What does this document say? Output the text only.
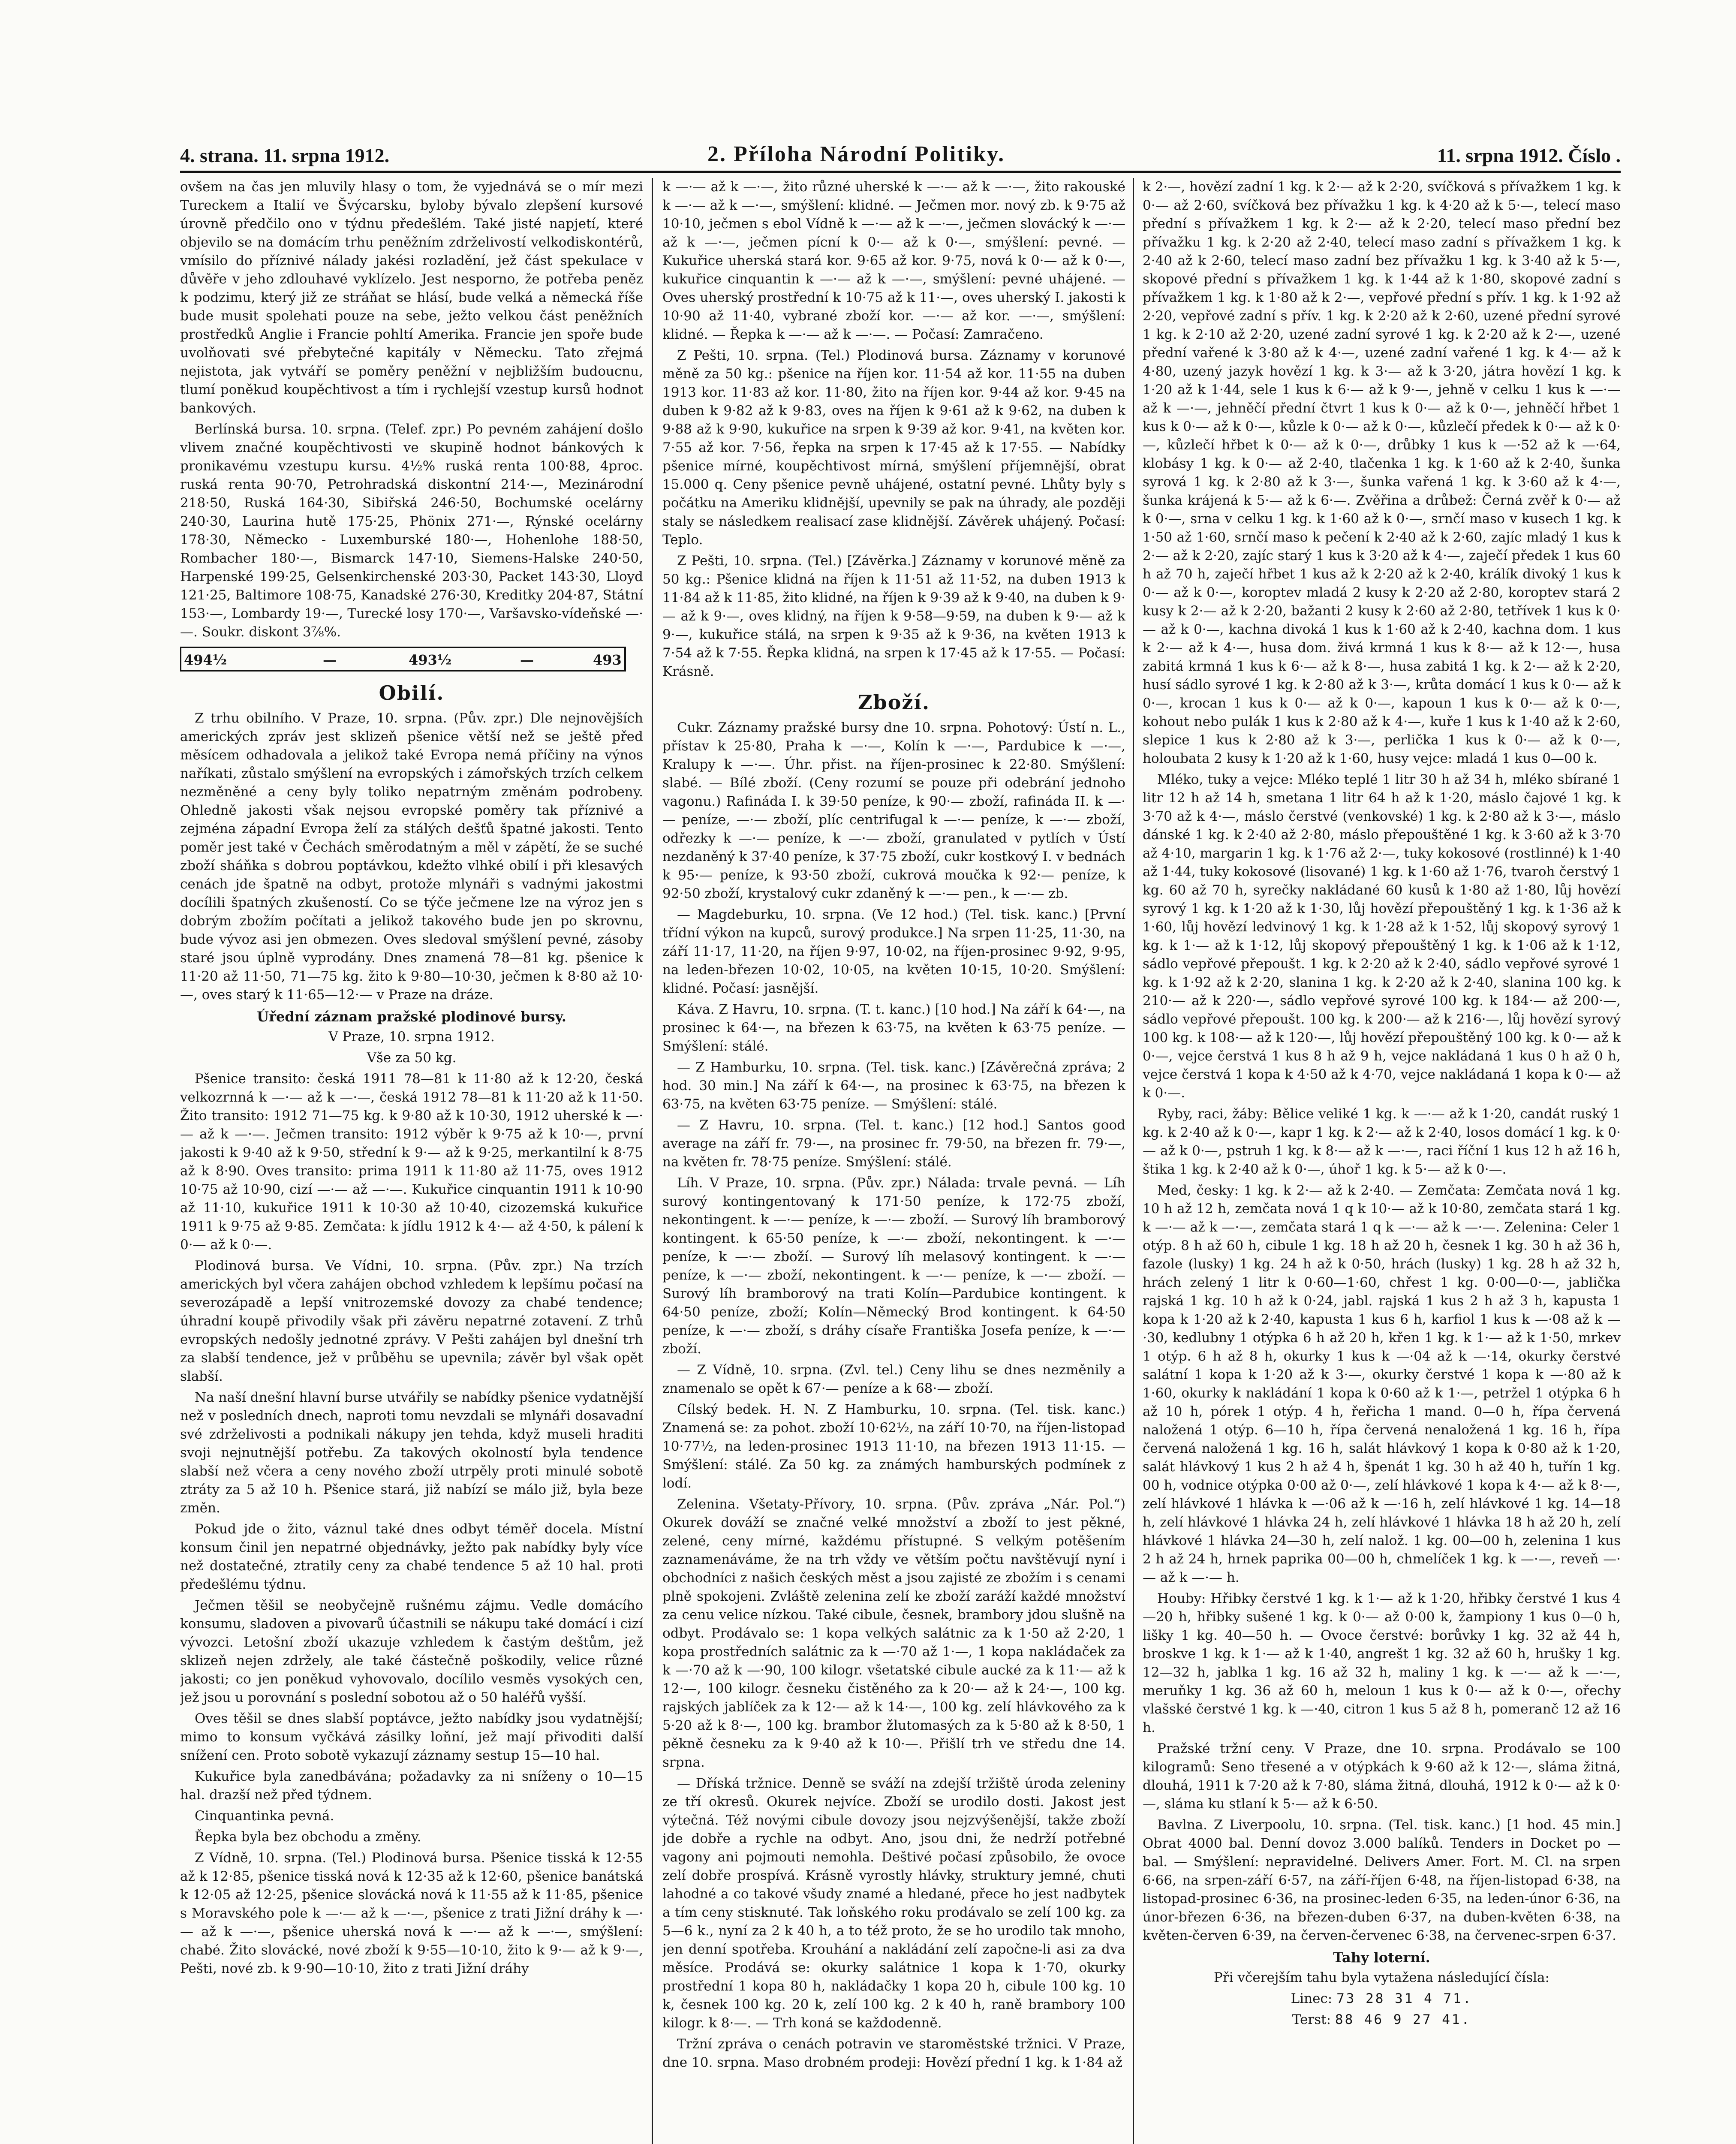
4. strana. 11. srpna 1912.	2. Příloha Národní Politiky.	11. srpna 1912. Číslo .

ovšem na čas jen mluvily hlasy o tom, že vyjednává se o mír mezi Tureckem a Italií ve Švýcarsku, byloby bývalo zlepšení kursové úrovně předčilo ono v týdnu předešlém. Také jisté napjetí, které objevilo se na domácím trhu peněžním zdrželivostí velkodiskontérů, vmísilo do příznivé nálady jakési rozladění, jež část spekulace v důvěře v jeho zdlouhavé vyklízelo. Jest nesporno, že potřeba peněz k podzimu, který již ze stráňat se hlásí, bude velká a německá říše bude musit spolehati pouze na sebe, ježto velkou část peněžních prostředků Anglie i Francie pohltí Amerika. Francie jen spoře bude uvolňovati své přebytečné kapitály v Německu. Tato zřejmá nejistota, jak vytváří se poměry peněžní v nejbližším budoucnu, tlumí poněkud koupěchtivost a tím i rychlejší vzestup kursů hodnot bankových.

Berlínská bursa. 10. srpna. (Telef. zpr.) Po pevném zahájení došlo vlivem značné koupěchtivosti ve skupině hodnot bánkových k pronikavému vzestupu kursu. 4½% ruská renta 100·88, 4proc. ruská renta 90·70, Petrohradská diskontní 214·—, Mezinárodní 218·50, Ruská 164·30, Sibiřská 246·50, Bochumské ocelárny 240·30, Laurina hutě 175·25, Phönix 271·—, Rýnské ocelárny 178·30, Německo - Luxemburské 180·—, Hohenlohe 188·50, Rombacher 180·—, Bismarck 147·10, Siemens-Halske 240·50, Harpenské 199·25, Gelsenkirchenské 203·30, Packet 143·30, Lloyd 121·25, Baltimore 108·75, Kanadské 276·30, Kreditky 204·87, Státní 153·—, Lombardy 19·—, Turecké losy 170·—, Varšavsko-vídeňské —·—. Soukr. diskont 3⅞%.

494½	—	493½	—	493
Obilí.

Z trhu obilního. V Praze, 10. srpna. (Pův. zpr.) Dle nejnovějších amerických zpráv jest sklizeň pšenice větší než se ještě před měsícem odhadovala a jelikož také Evropa nemá příčiny na výnos naříkati, zůstalo smýšlení na evropských i zámořských trzích celkem nezměněné a ceny byly toliko nepatrným změnám podrobeny. Ohledně jakosti však nejsou evropské poměry tak příznivé a zejména západní Evropa želí za stálých dešťů špatné jakosti. Tento poměr jest také v Čechách směrodatným a měl v zápětí, že se suché zboží sháňka s dobrou poptávkou, kdežto vlhké obilí i při klesavých cenách jde špatně na odbyt, protože mlynáři s vadnými jakostmi docílili špatných zkušeností. Co se týče ječmene lze na výroz jen s dobrým zbožím počítati a jelikož takového bude jen po skrovnu, bude vývoz asi jen obmezen. Oves sledoval smýšlení pevné, zásoby staré jsou úplně vyprodány. Dnes znamená 78—81 kg. pšenice k 11·20 až 11·50, 71—75 kg. žito k 9·80—10·30, ječmen k 8·80 až 10·—, oves starý k 11·65—12·— v Praze na dráze.

Úřední záznam pražské plodinové bursy.

V Praze, 10. srpna 1912.

Vše za 50 kg.

Pšenice transito: česká 1911 78—81 k 11·80 až k 12·20, česká velkozrnná k —·— až k —·—, česká 1912 78—81 k 11·20 až k 11·50. Žito transito: 1912 71—75 kg. k 9·80 až k 10·30, 1912 uherské k —·— až k —·—. Ječmen transito: 1912 výběr k 9·75 až k 10·—, první jakosti k 9·40 až k 9·50, střední k 9·— až k 9·25, merkantilní k 8·75 až k 8·90. Oves transito: prima 1911 k 11·80 až 11·75, oves 1912 10·75 až 10·90, cizí —·— až —·—. Kukuřice cinquantin 1911 k 10·90 až 11·10, kukuřice 1911 k 10·30 až 10·40, cizozemská kukuřice 1911 k 9·75 až 9·85. Zemčata: k jídlu 1912 k 4·— až 4·50, k pálení k 0·— až k 0·—.

Plodinová bursa. Ve Vídni, 10. srpna. (Pův. zpr.) Na trzích amerických byl včera zahájen obchod vzhledem k lepšímu počasí na severozápadě a lepší vnitrozemské dovozy za chabé tendence; úhradní koupě přivodily však při závěru nepatrné zotavení. Z trhů evropských nedošly jednotné zprávy. V Pešti zahájen byl dnešní trh za slabší tendence, jež v průběhu se upevnila; závěr byl však opět slabší.

Na naší dnešní hlavní burse utvářily se nabídky pšenice vydatnější než v posledních dnech, naproti tomu nevzdali se mlynáři dosavadní své zdrželivosti a podnikali nákupy jen tehda, když museli hraditi svoji nejnutnější potřebu. Za takových okolností byla tendence slabší než včera a ceny nového zboží utrpěly proti minulé sobotě ztráty za 5 až 10 h. Pšenice stará, již nabízí se málo již, byla beze změn.

Pokud jde o žito, váznul také dnes odbyt téměř docela. Místní konsum činil jen nepatrné objednávky, ježto pak nabídky byly více než dostatečné, ztratily ceny za chabé tendence 5 až 10 hal. proti předešlému týdnu.

Ječmen těšil se neobyčejně rušnému zájmu. Vedle domácího konsumu, sladoven a pivovarů účastnili se nákupu také domácí i cizí vývozci. Letošní zboží ukazuje vzhledem k častým deštům, jež sklizeň nejen zdržely, ale také částečně poškodily, velice různé jakosti; co jen poněkud vyhovovalo, docílilo vesměs vysokých cen, jež jsou u porovnání s poslední sobotou až o 50 haléřů vyšší.

Oves těšil se dnes slabší poptávce, ježto nabídky jsou vydatnější; mimo to konsum vyčkává zásilky loňní, jež mají přivoditi další snížení cen. Proto sobotě vykazují záznamy sestup 15—10 hal.

Kukuřice byla zanedbávána; požadavky za ni sníženy o 10—15 hal. drazší než před týdnem.

Cinquantinka pevná.

Řepka byla bez obchodu a změny.

Z Vídně, 10. srpna. (Tel.) Plodinová bursa. Pšenice tisská k 12·55 až k 12·85, pšenice tisská nová k 12·35 až k 12·60, pšenice banátská k 12·05 až 12·25, pšenice slovácká nová k 11·55 až k 11·85, pšenice s Moravského pole k —·— až k —·—, pšenice z trati Jižní dráhy k —·— až k —·—, pšenice uherská nová k —·— až k —·—, smýšlení: chabé. Žito slovácké, nové zboží k 9·55—10·10, žito k 9·— až k 9·—, Pešti, nové zb. k 9·90—10·10, žito z trati Jižní dráhy

k —·— až k —·—, žito různé uherské k —·— až k —·—, žito rakouské k —·— až k —·—, smýšlení: klidné. — Ječmen mor. nový zb. k 9·75 až 10·10, ječmen s ebol Vídně k —·— až k —·—, ječmen slovácký k —·— až k —·—, ječmen pícní k 0·— až k 0·—, smýšlení: pevné. — Kukuřice uherská stará kor. 9·65 až kor. 9·75, nová k 0·— až k 0·—, kukuřice cinquantin k —·— až k —·—, smýšlení: pevné uhájené. — Oves uherský prostřední k 10·75 až k 11·—, oves uherský I. jakosti k 10·90 až 11·40, vybrané zboží kor. —·— až kor. —·—, smýšlení: klidné. — Řepka k —·— až k —·—. — Počasí: Zamračeno.

Z Pešti, 10. srpna. (Tel.) Plodinová bursa. Záznamy v korunové měně za 50 kg.: pšenice na říjen kor. 11·54 až kor. 11·55 na duben 1913 kor. 11·83 až kor. 11·80, žito na říjen kor. 9·44 až kor. 9·45 na duben k 9·82 až k 9·83, oves na říjen k 9·61 až k 9·62, na duben k 9·88 až k 9·90, kukuřice na srpen k 9·39 až kor. 9·41, na květen kor. 7·55 až kor. 7·56, řepka na srpen k 17·45 až k 17·55. — Nabídky pšenice mírné, koupěchtivost mírná, smýšlení příjemnější, obrat 15.000 q. Ceny pšenice pevně uhájené, ostatní pevné. Lhůty byly s počátku na Ameriku klidnější, upevnily se pak na úhrady, ale později staly se následkem realisací zase klidnější. Závěrek uhájený. Počasí: Teplo.

Z Pešti, 10. srpna. (Tel.) [Závěrka.] Záznamy v korunové měně za 50 kg.: Pšenice klidná na říjen k 11·51 až 11·52, na duben 1913 k 11·84 až k 11·85, žito klidné, na říjen k 9·39 až k 9·40, na duben k 9·— až k 9·—, oves klidný, na říjen k 9·58—9·59, na duben k 9·— až k 9·—, kukuřice stálá, na srpen k 9·35 až k 9·36, na květen 1913 k 7·54 až k 7·55. Řepka klidná, na srpen k 17·45 až k 17·55. — Počasí: Krásně.

Zboží.

Cukr. Záznamy pražské bursy dne 10. srpna. Pohotový: Ústí n. L., přístav k 25·80, Praha k —·—, Kolín k —·—, Pardubice k —·—, Kralupy k —·—. Úhr. přist. na říjen-prosinec k 22·80. Smýšlení: slabé. — Bílé zboží. (Ceny rozumí se pouze při odebrání jednoho vagonu.) Rafináda I. k 39·50 peníze, k 90·— zboží, rafináda II. k —·— peníze, —·— zboží, plíc centrifugal k —·— peníze, k —·— zboží, odřezky k —·— peníze, k —·— zboží, granulated v pytlích v Ústí nezdaněný k 37·40 peníze, k 37·75 zboží, cukr kostkový I. v bednách k 95·— peníze, k 93·50 zboží, cukrová moučka k 92·— peníze, k 92·50 zboží, krystalový cukr zdaněný k —·— pen., k —·— zb.

— Magdeburku, 10. srpna. (Ve 12 hod.) (Tel. tisk. kanc.) [První třídní výkon na kupců, surový produkce.] Na srpen 11·25, 11·30, na září 11·17, 11·20, na říjen 9·97, 10·02, na říjen-prosinec 9·92, 9·95, na leden-březen 10·02, 10·05, na květen 10·15, 10·20. Smýšlení: klidné. Počasí: jasnější.

Káva. Z Havru, 10. srpna. (T. t. kanc.) [10 hod.] Na září k 64·—, na prosinec k 64·—, na březen k 63·75, na květen k 63·75 peníze. — Smýšlení: stálé.

— Z Hamburku, 10. srpna. (Tel. tisk. kanc.) [Závěrečná zpráva; 2 hod. 30 min.] Na září k 64·—, na prosinec k 63·75, na březen k 63·75, na květen 63·75 peníze. — Smýšlení: stálé.

— Z Havru, 10. srpna. (Tel. t. kanc.) [12 hod.] Santos good average na září fr. 79·—, na prosinec fr. 79·50, na březen fr. 79·—, na květen fr. 78·75 peníze. Smýšlení: stálé.

Líh. V Praze, 10. srpna. (Pův. zpr.) Nálada: trvale pevná. — Líh surový kontingentovaný k 171·50 peníze, k 172·75 zboží, nekontingent. k —·— peníze, k —·— zboží. — Surový líh bramborový kontingent. k 65·50 peníze, k —·— zboží, nekontingent. k —·— peníze, k —·— zboží. — Surový líh melasový kontingent. k —·— peníze, k —·— zboží, nekontingent. k —·— peníze, k —·— zboží. — Surový líh bramborový na trati Kolín—Pardubice kontingent. k 64·50 peníze, zboží; Kolín—Německý Brod kontingent. k 64·50 peníze, k —·— zboží, s dráhy císaře Františka Josefa peníze, k —·— zboží.

— Z Vídně, 10. srpna. (Zvl. tel.) Ceny lihu se dnes nezměnily a znamenalo se opět k 67·— peníze a k 68·— zboží.

Cílský bedek. H. N. Z Hamburku, 10. srpna. (Tel. tisk. kanc.) Znamená se: za pohot. zboží 10·62½, na září 10·70, na říjen-listopad 10·77½, na leden-prosinec 1913 11·10, na březen 1913 11·15. — Smýšlení: stálé. Za 50 kg. za známých hamburských podmínek z lodí.

Zelenina. Všetaty-Přívory, 10. srpna. (Pův. zpráva „Nár. Pol.“) Okurek dováží se značné velké množství a zboží to jest pěkné, zelené, ceny mírné, každému přístupné. S velkým potěšením zaznamenáváme, že na trh vždy ve větším počtu navštěvují nyní i obchodníci z našich českých měst a jsou zajisté ze zbožím i s cenami plně spokojeni. Zvláště zelenina zelí ke zboží zaráží každé množství za cenu velice nízkou. Také cibule, česnek, brambory jdou slušně na odbyt. Prodávalo se: 1 kopa velkých salátnic za k 1·50 až 2·20, 1 kopa prostředních salátnic za k —·70 až 1·—, 1 kopa nakládaček za k —·70 až k —·90, 100 kilogr. všetatské cibule aucké za k 11·— až k 12·—, 100 kilogr. česneku čistěného za k 20·— až k 24·—, 100 kg. rajských jablíček za k 12·— až k 14·—, 100 kg. zelí hlávkového za k 5·20 až k 8·—, 100 kg. brambor žlutomasých za k 5·80 až k 8·50, 1 pěkně česneku za k 9·40 až k 10·—. Přišlí trh ve středu dne 14. srpna.

— Dříská tržnice. Denně se sváží na zdejší tržiště úroda zeleniny ze tří okresů. Okurek nejvíce. Zboží se urodilo dosti. Jakost jest výtečná. Též novými cibule dovozy jsou nejzvýšenější, takže zboží jde dobře a rychle na odbyt. Ano, jsou dni, že nedrží potřebné vagony ani pojmouti nemohla. Deštivé počasí způsobilo, že ovoce zelí dobře prospívá. Krásně vyrostly hlávky, struktury jemné, chuti lahodné a co takové všudy znamé a hledané, přece ho jest nadbytek a tím ceny stisknuté. Tak loňského roku prodávalo se zelí 100 kg. za 5—6 k., nyní za 2 k 40 h, a to též proto, že se ho urodilo tak mnoho, jen denní spotřeba. Krouhání a nakládání zelí započne-li asi za dva měsíce. Prodává se: okurky salátnice 1 kopa k 1·70, okurky prostřední 1 kopa 80 h, nakládačky 1 kopa 20 h, cibule 100 kg. 10 k, česnek 100 kg. 20 k, zelí 100 kg. 2 k 40 h, raně brambory 100 kilogr. k 8·—. — Trh koná se každodenně.

Tržní zpráva o cenách potravin ve staroměstské tržnici. V Praze, dne 10. srpna. Maso drobném prodeji: Hovězí přední 1 kg. k 1·84 až

k 2·—, hovězí zadní 1 kg. k 2·— až k 2·20, svíčková s přívažkem 1 kg. k 0·— až 2·60, svíčková bez přívažku 1 kg. k 4·20 až k 5·—, telecí maso přední s přívažkem 1 kg. k 2·— až k 2·20, telecí maso přední bez přívažku 1 kg. k 2·20 až 2·40, telecí maso zadní s přívažkem 1 kg. k 2·40 až k 2·60, telecí maso zadní bez přívažku 1 kg. k 3·40 až k 5·—, skopové přední s přívažkem 1 kg. k 1·44 až k 1·80, skopové zadní s přívažkem 1 kg. k 1·80 až k 2·—, vepřové přední s přív. 1 kg. k 1·92 až 2·20, vepřové zadní s přív. 1 kg. k 2·20 až k 2·60, uzené přední syrové 1 kg. k 2·10 až 2·20, uzené zadní syrové 1 kg. k 2·20 až k 2·—, uzené přední vařené k 3·80 až k 4·—, uzené zadní vařené 1 kg. k 4·— až k 4·80, uzený jazyk hovězí 1 kg. k 3·— až k 3·20, játra hovězí 1 kg. k 1·20 až k 1·44, sele 1 kus k 6·— až k 9·—, jehně v celku 1 kus k —·— až k —·—, jehněčí přední čtvrt 1 kus k 0·— až k 0·—, jehněčí hřbet 1 kus k 0·— až k 0·—, kůzle k 0·— až k 0·—, kůzlečí předek k 0·— až k 0·—, kůzlečí hřbet k 0·— až k 0·—, drůbky 1 kus k —·52 až k —·64, klobásy 1 kg. k 0·— až 2·40, tlačenka 1 kg. k 1·60 až k 2·40, šunka syrová 1 kg. k 2·80 až k 3·—, šunka vařená 1 kg. k 3·60 až k 4·—, šunka krájená k 5·— až k 6·—. Zvěřina a drůbež: Černá zvěř k 0·— až k 0·—, srna v celku 1 kg. k 1·60 až k 0·—, srnčí maso v kusech 1 kg. k 1·50 až 1·60, srnčí maso k pečení k 2·40 až k 2·60, zajíc mladý 1 kus k 2·— až k 2·20, zajíc starý 1 kus k 3·20 až k 4·—, zaječí předek 1 kus 60 h až 70 h, zaječí hřbet 1 kus až k 2·20 až k 2·40, králík divoký 1 kus k 0·— až k 0·—, koroptev mladá 2 kusy k 2·20 až 2·80, koroptev stará 2 kusy k 2·— až k 2·20, bažanti 2 kusy k 2·60 až 2·80, tetřívek 1 kus k 0·— až k 0·—, kachna divoká 1 kus k 1·60 až k 2·40, kachna dom. 1 kus k 2·— až k 4·—, husa dom. živá krmná 1 kus k 8·— až k 12·—, husa zabitá krmná 1 kus k 6·— až k 8·—, husa zabitá 1 kg. k 2·— až k 2·20, husí sádlo syrové 1 kg. k 2·80 až k 3·—, krůta domácí 1 kus k 0·— až k 0·—, krocan 1 kus k 0·— až k 0·—, kapoun 1 kus k 0·— až k 0·—, kohout nebo pulák 1 kus k 2·80 až k 4·—, kuře 1 kus k 1·40 až k 2·60, slepice 1 kus k 2·80 až k 3·—, perlička 1 kus k 0·— až k 0·—, holoubata 2 kusy k 1·20 až k 1·60, husy vejce: mladá 1 kus 0—00 k.

Mléko, tuky a vejce: Mléko teplé 1 litr 30 h až 34 h, mléko sbírané 1 litr 12 h až 14 h, smetana 1 litr 64 h až k 1·20, máslo čajové 1 kg. k 3·70 až k 4·—, máslo čerstvé (venkovské) 1 kg. k 2·80 až k 3·—, máslo dánské 1 kg. k 2·40 až 2·80, máslo přepouštěné 1 kg. k 3·60 až k 3·70 až 4·10, margarin 1 kg. k 1·76 až 2·—, tuky kokosové (rostlinné) k 1·40 až 1·44, tuky kokosové (lisované) 1 kg. k 1·60 až 1·76, tvaroh čerstvý 1 kg. 60 až 70 h, syrečky nakládané 60 kusů k 1·80 až 1·80, lůj hovězí syrový 1 kg. k 1·20 až k 1·30, lůj hovězí přepouštěný 1 kg. k 1·36 až k 1·60, lůj hovězí ledvinový 1 kg. k 1·28 až k 1·52, lůj skopový syrový 1 kg. k 1·— až k 1·12, lůj skopový přepouštěný 1 kg. k 1·06 až k 1·12, sádlo vepřové přepoušt. 1 kg. k 2·20 až k 2·40, sádlo vepřové syrové 1 kg. k 1·92 až k 2·20, slanina 1 kg. k 2·20 až k 2·40, slanina 100 kg. k 210·— až k 220·—, sádlo vepřové syrové 100 kg. k 184·— až 200·—, sádlo vepřové přepoušt. 100 kg. k 200·— až k 216·—, lůj hovězí syrový 100 kg. k 108·— až k 120·—, lůj hovězí přepouštěný 100 kg. k 0·— až k 0·—, vejce čerstvá 1 kus 8 h až 9 h, vejce nakládaná 1 kus 0 h až 0 h, vejce čerstvá 1 kopa k 4·50 až k 4·70, vejce nakládaná 1 kopa k 0·— až k 0·—.

Ryby, raci, žáby: Bělice veliké 1 kg. k —·— až k 1·20, candát ruský 1 kg. k 2·40 až k 0·—, kapr 1 kg. k 2·— až k 2·40, losos domácí 1 kg. k 0·— až k 0·—, pstruh 1 kg. k 8·— až k —·—, raci říční 1 kus 12 h až 16 h, štika 1 kg. k 2·40 až k 0·—, úhoř 1 kg. k 5·— až k 0·—.

Med, česky: 1 kg. k 2·— až k 2·40. — Zemčata: Zemčata nová 1 kg. 10 h až 12 h, zemčata nová 1 q k 10·— až k 10·80, zemčata stará 1 kg. k —·— až k —·—, zemčata stará 1 q k —·— až k —·—. Zelenina: Celer 1 otýp. 8 h až 60 h, cibule 1 kg. 18 h až 20 h, česnek 1 kg. 30 h až 36 h, fazole (lusky) 1 kg. 24 h až k 0·50, hrách (lusky) 1 kg. 28 h až 32 h, hrách zelený 1 litr k 0·60—1·60, chřest 1 kg. 0·00—0·—, jablička rajská 1 kg. 10 h až k 0·24, jabl. rajská 1 kus 2 h až 3 h, kapusta 1 kopa k 1·20 až k 2·40, kapusta 1 kus 6 h, karfiol 1 kus k —·08 až k —·30, kedlubny 1 otýpka 6 h až 20 h, křen 1 kg. k 1·— až k 1·50, mrkev 1 otýp. 6 h až 8 h, okurky 1 kus k —·04 až k —·14, okurky čerstvé salátní 1 kopa k 1·20 až k 3·—, okurky čerstvé 1 kopa k —·80 až k 1·60, okurky k nakládání 1 kopa k 0·60 až k 1·—, petržel 1 otýpka 6 h až 10 h, pórek 1 otýp. 4 h, řeřicha 1 mand. 0—0 h, řípa červená naložená 1 otýp. 6—10 h, řípa červená nenaložená 1 kg. 16 h, řípa červená naložená 1 kg. 16 h, salát hlávkový 1 kopa k 0·80 až k 1·20, salát hlávkový 1 kus 2 h až 4 h, špenát 1 kg. 30 h až 40 h, tuřín 1 kg. 00 h, vodnice otýpka 0·00 až 0·—, zelí hlávkové 1 kopa k 4·— až k 8·—, zelí hlávkové 1 hlávka k —·06 až k —·16 h, zelí hlávkové 1 kg. 14—18 h, zelí hlávkové 1 hlávka 24 h, zelí hlávkové 1 hlávka 18 h až 20 h, zelí hlávkové 1 hlávka 24—30 h, zelí nalož. 1 kg. 00—00 h, zelenina 1 kus 2 h až 24 h, hrnek paprika 00—00 h, chmelíček 1 kg. k —·—, reveň —·— až k —·— h.

Houby: Hřibky čerstvé 1 kg. k 1·— až k 1·20, hřibky čerstvé 1 kus 4—20 h, hřibky sušené 1 kg. k 0·— až 0·00 k, žampiony 1 kus 0—0 h, lišky 1 kg. 40—50 h. — Ovoce čerstvé: borůvky 1 kg. 32 až 44 h, broskve 1 kg. k 1·— až k 1·40, angrešt 1 kg. 32 až 60 h, hrušky 1 kg. 12—32 h, jablka 1 kg. 16 až 32 h, maliny 1 kg. k —·— až k —·—, meruňky 1 kg. 36 až 60 h, meloun 1 kus k 0·— až k 0·—, ořechy vlašské čerstvé 1 kg. k —·40, citron 1 kus 5 až 8 h, pomeranč 12 až 16 h.

Pražské tržní ceny. V Praze, dne 10. srpna. Prodávalo se 100 kilogramů: Seno třesené a v otýpkách k 9·60 až k 12·—, sláma žitná, dlouhá, 1911 k 7·20 až k 7·80, sláma žitná, dlouhá, 1912 k 0·— až k 0·—, sláma ku stlaní k 5·— až k 6·50.

Bavlna. Z Liverpoolu, 10. srpna. (Tel. tisk. kanc.) [1 hod. 45 min.] Obrat 4000 bal. Denní dovoz 3.000 balíků. Tenders in Docket po — bal. — Smýšlení: nepravidelné. Delivers Amer. Fort. M. Cl. na srpen 6·66, na srpen-září 6·57, na září-říjen 6·48, na říjen-listopad 6·38, na listopad-prosinec 6·36, na prosinec-leden 6·35, na leden-únor 6·36, na únor-březen 6·36, na březen-duben 6·37, na duben-květen 6·38, na květen-červen 6·39, na červen-červenec 6·38, na červenec-srpen 6·37.

Tahy loterní.

Při včerejším tahu byla vytažena následující čísla:

Linec: 73 28 31 4 71.

Terst: 88 46 9 27 41.
